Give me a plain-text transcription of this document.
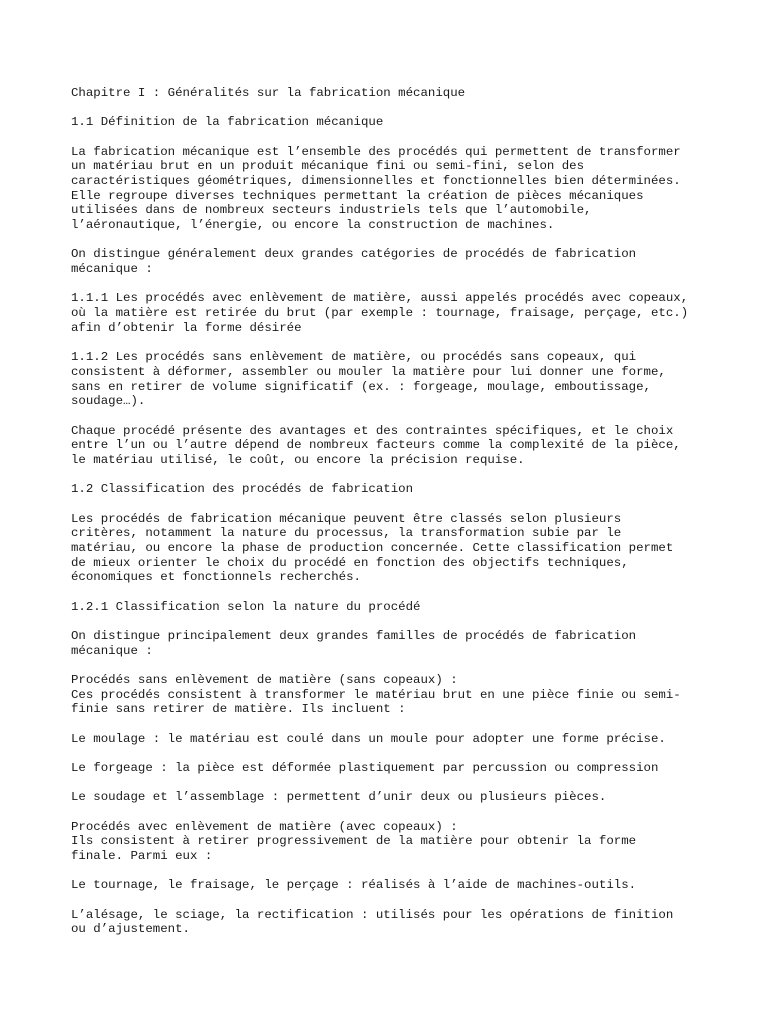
Chapitre I : Généralités sur la fabrication mécanique

1.1 Définition de la fabrication mécanique

La fabrication mécanique est l’ensemble des procédés qui permettent de transformer
un matériau brut en un produit mécanique fini ou semi-fini, selon des
caractéristiques géométriques, dimensionnelles et fonctionnelles bien déterminées.
Elle regroupe diverses techniques permettant la création de pièces mécaniques
utilisées dans de nombreux secteurs industriels tels que l’automobile,
l’aéronautique, l’énergie, ou encore la construction de machines.

On distingue généralement deux grandes catégories de procédés de fabrication
mécanique :

1.1.1 Les procédés avec enlèvement de matière, aussi appelés procédés avec copeaux,
où la matière est retirée du brut (par exemple : tournage, fraisage, perçage, etc.)
afin d’obtenir la forme désirée

1.1.2 Les procédés sans enlèvement de matière, ou procédés sans copeaux, qui
consistent à déformer, assembler ou mouler la matière pour lui donner une forme,
sans en retirer de volume significatif (ex. : forgeage, moulage, emboutissage,
soudage…).

Chaque procédé présente des avantages et des contraintes spécifiques, et le choix
entre l’un ou l’autre dépend de nombreux facteurs comme la complexité de la pièce,
le matériau utilisé, le coût, ou encore la précision requise.

1.2 Classification des procédés de fabrication

Les procédés de fabrication mécanique peuvent être classés selon plusieurs
critères, notamment la nature du processus, la transformation subie par le
matériau, ou encore la phase de production concernée. Cette classification permet
de mieux orienter le choix du procédé en fonction des objectifs techniques,
économiques et fonctionnels recherchés.

1.2.1 Classification selon la nature du procédé

On distingue principalement deux grandes familles de procédés de fabrication
mécanique :

Procédés sans enlèvement de matière (sans copeaux) :
Ces procédés consistent à transformer le matériau brut en une pièce finie ou semi-
finie sans retirer de matière. Ils incluent :

Le moulage : le matériau est coulé dans un moule pour adopter une forme précise.

Le forgeage : la pièce est déformée plastiquement par percussion ou compression

Le soudage et l’assemblage : permettent d’unir deux ou plusieurs pièces.

Procédés avec enlèvement de matière (avec copeaux) :
Ils consistent à retirer progressivement de la matière pour obtenir la forme
finale. Parmi eux :

Le tournage, le fraisage, le perçage : réalisés à l’aide de machines-outils.

L’alésage, le sciage, la rectification : utilisés pour les opérations de finition
ou d’ajustement.
